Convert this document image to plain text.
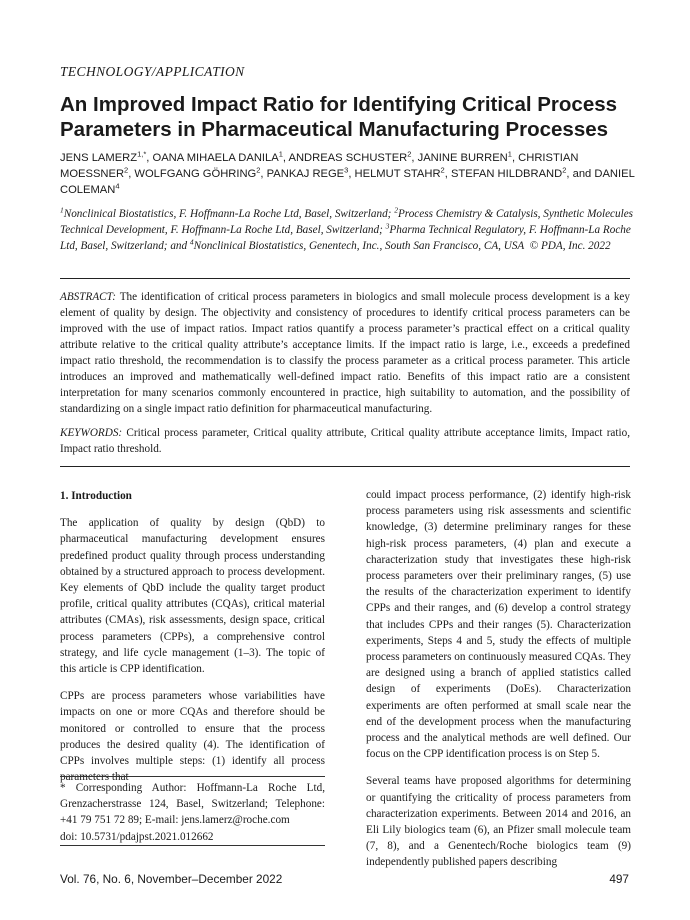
TECHNOLOGY/APPLICATION
An Improved Impact Ratio for Identifying Critical Process Parameters in Pharmaceutical Manufacturing Processes
JENS $LAMERZ^{1,*}$, OANA MIHAELA DANILA$^1$, ANDREAS SCHUSTER$^2$, JANINE BURREN$^1$, CHRISTIAN MOESSNER$^2$, WOLFGANG GÖHRING$^2$, PANKAJ REGE$^3$, HELMUT STAHR$^2$, STEFAN HILDBRAND$^2$, and DANIEL COLEMAN$^4$
$^1$Nonclinical Biostatistics, F. Hoffmann-La Roche Ltd, Basel, Switzerland; $^2$Process Chemistry & Catalysis, Synthetic Molecules Technical Development, F. Hoffmann-La Roche Ltd, Basel, Switzerland; $^3$Pharma Technical Regulatory, F. Hoffmann-La Roche Ltd, Basel, Switzerland; and $^4$Nonclinical Biostatistics, Genentech, Inc., South San Francisco, CA, USA © PDA, Inc. 2022
ABSTRACT: The identification of critical process parameters in biologics and small molecule process development is a key element of quality by design. The objectivity and consistency of procedures to identify critical process parameters can be improved with the use of impact ratios. Impact ratios quantify a process parameter’s practical effect on a critical quality attribute relative to the critical quality attribute’s acceptance limits. If the impact ratio is large, i.e., exceeds a predefined impact ratio threshold, the recommendation is to classify the process parameter as a critical process parameter. This article introduces an improved and mathematically well-defined impact ratio. Benefits of this impact ratio are a consistent interpretation for many scenarios commonly encountered in practice, high suitability to automation, and the possibility of standardizing on a single impact ratio definition for pharmaceutical manufacturing.
KEYWORDS: Critical process parameter, Critical quality attribute, Critical quality attribute acceptance limits, Impact ratio, Impact ratio threshold.

1. Introduction

The application of quality by design (QbD) to pharmaceutical manufacturing development ensures predefined product quality through process understanding obtained by a structured approach to process development. Key elements of QbD include the quality target product profile, critical quality attributes (CQAs), critical material attributes (CMAs), risk assessments, design space, critical process parameters (CPPs), a comprehensive control strategy, and life cycle management (1–3). The topic of this article is CPP identification.

CPPs are process parameters whose variabilities have impacts on one or more CQAs and therefore should be monitored or controlled to ensure that the process produces the desired quality (4). The identification of CPPs involves multiple steps: (1) identify all process parameters that

could impact process performance, (2) identify high-risk process parameters using risk assessments and scientific knowledge, (3) determine preliminary ranges for these high-risk process parameters, (4) plan and execute a characterization study that investigates these high-risk process parameters over their preliminary ranges, (5) use the results of the characterization experiment to identify CPPs and their ranges, and (6) develop a control strategy that includes CPPs and their ranges (5). Characterization experiments, Steps 4 and 5, study the effects of multiple process parameters on continuously measured CQAs. They are designed using a branch of applied statistics called design of experiments (DoEs). Characterization experiments are often performed at small scale near the end of the development process when the manufacturing process and the analytical methods are well defined. Our focus on the CPP identification process is on Step 5.

Several teams have proposed algorithms for determining or quantifying the criticality of process parameters from characterization experiments. Between 2014 and 2016, an Eli Lily biologics team (6), an Pfizer small molecule team (7, 8), and a Genentech/Roche biologics team (9) independently published papers describing

* Corresponding Author: Hoffmann-La Roche Ltd, Grenzacherstrasse 124, Basel, Switzerland; Telephone: +41 79 751 72 89; E-mail: jens.lamerz@roche.com

doi: 10.5731/pdajpst.2021.012662

Vol. 76, No. 6, November–December 2022	497
